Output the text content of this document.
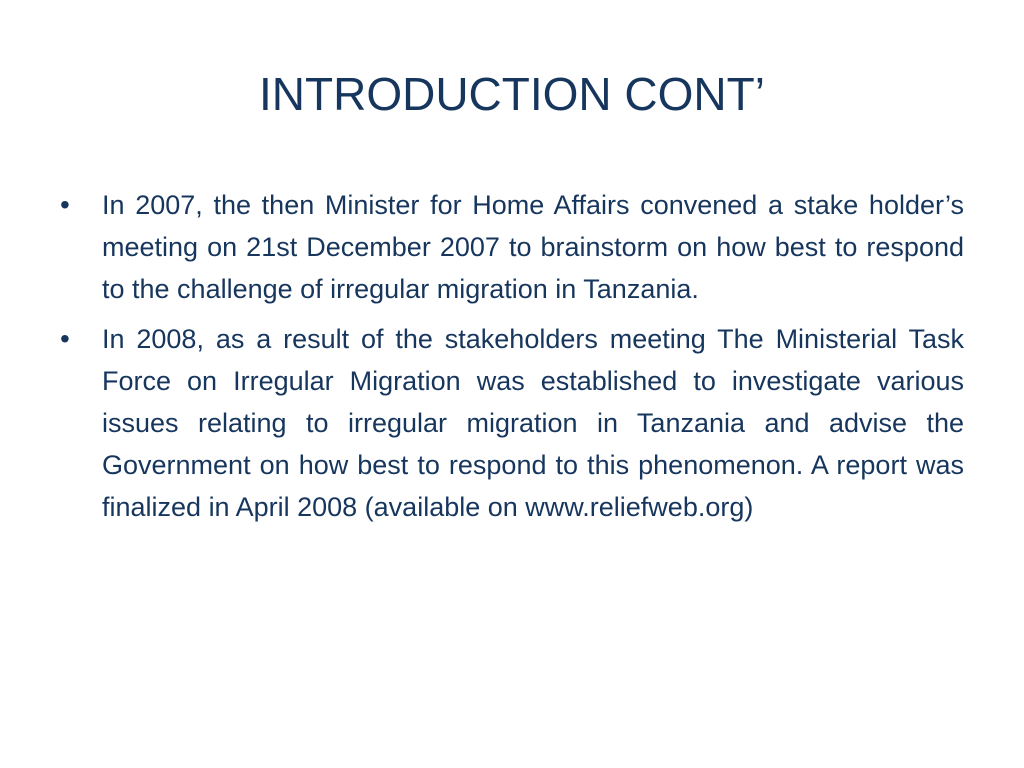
INTRODUCTION CONT’
•	In 2007, the then Minister for Home Affairs convened a stake holder’s meeting on 21st December 2007 to brainstorm on how best to respond to the challenge of irregular migration in Tanzania.
•	In 2008, as a result of the stakeholders meeting The Ministerial Task Force on Irregular Migration was established to investigate various issues relating to irregular migration in Tanzania and advise the Government on how best to respond to this phenomenon. A report was finalized in April 2008 (available on www.reliefweb.org)
